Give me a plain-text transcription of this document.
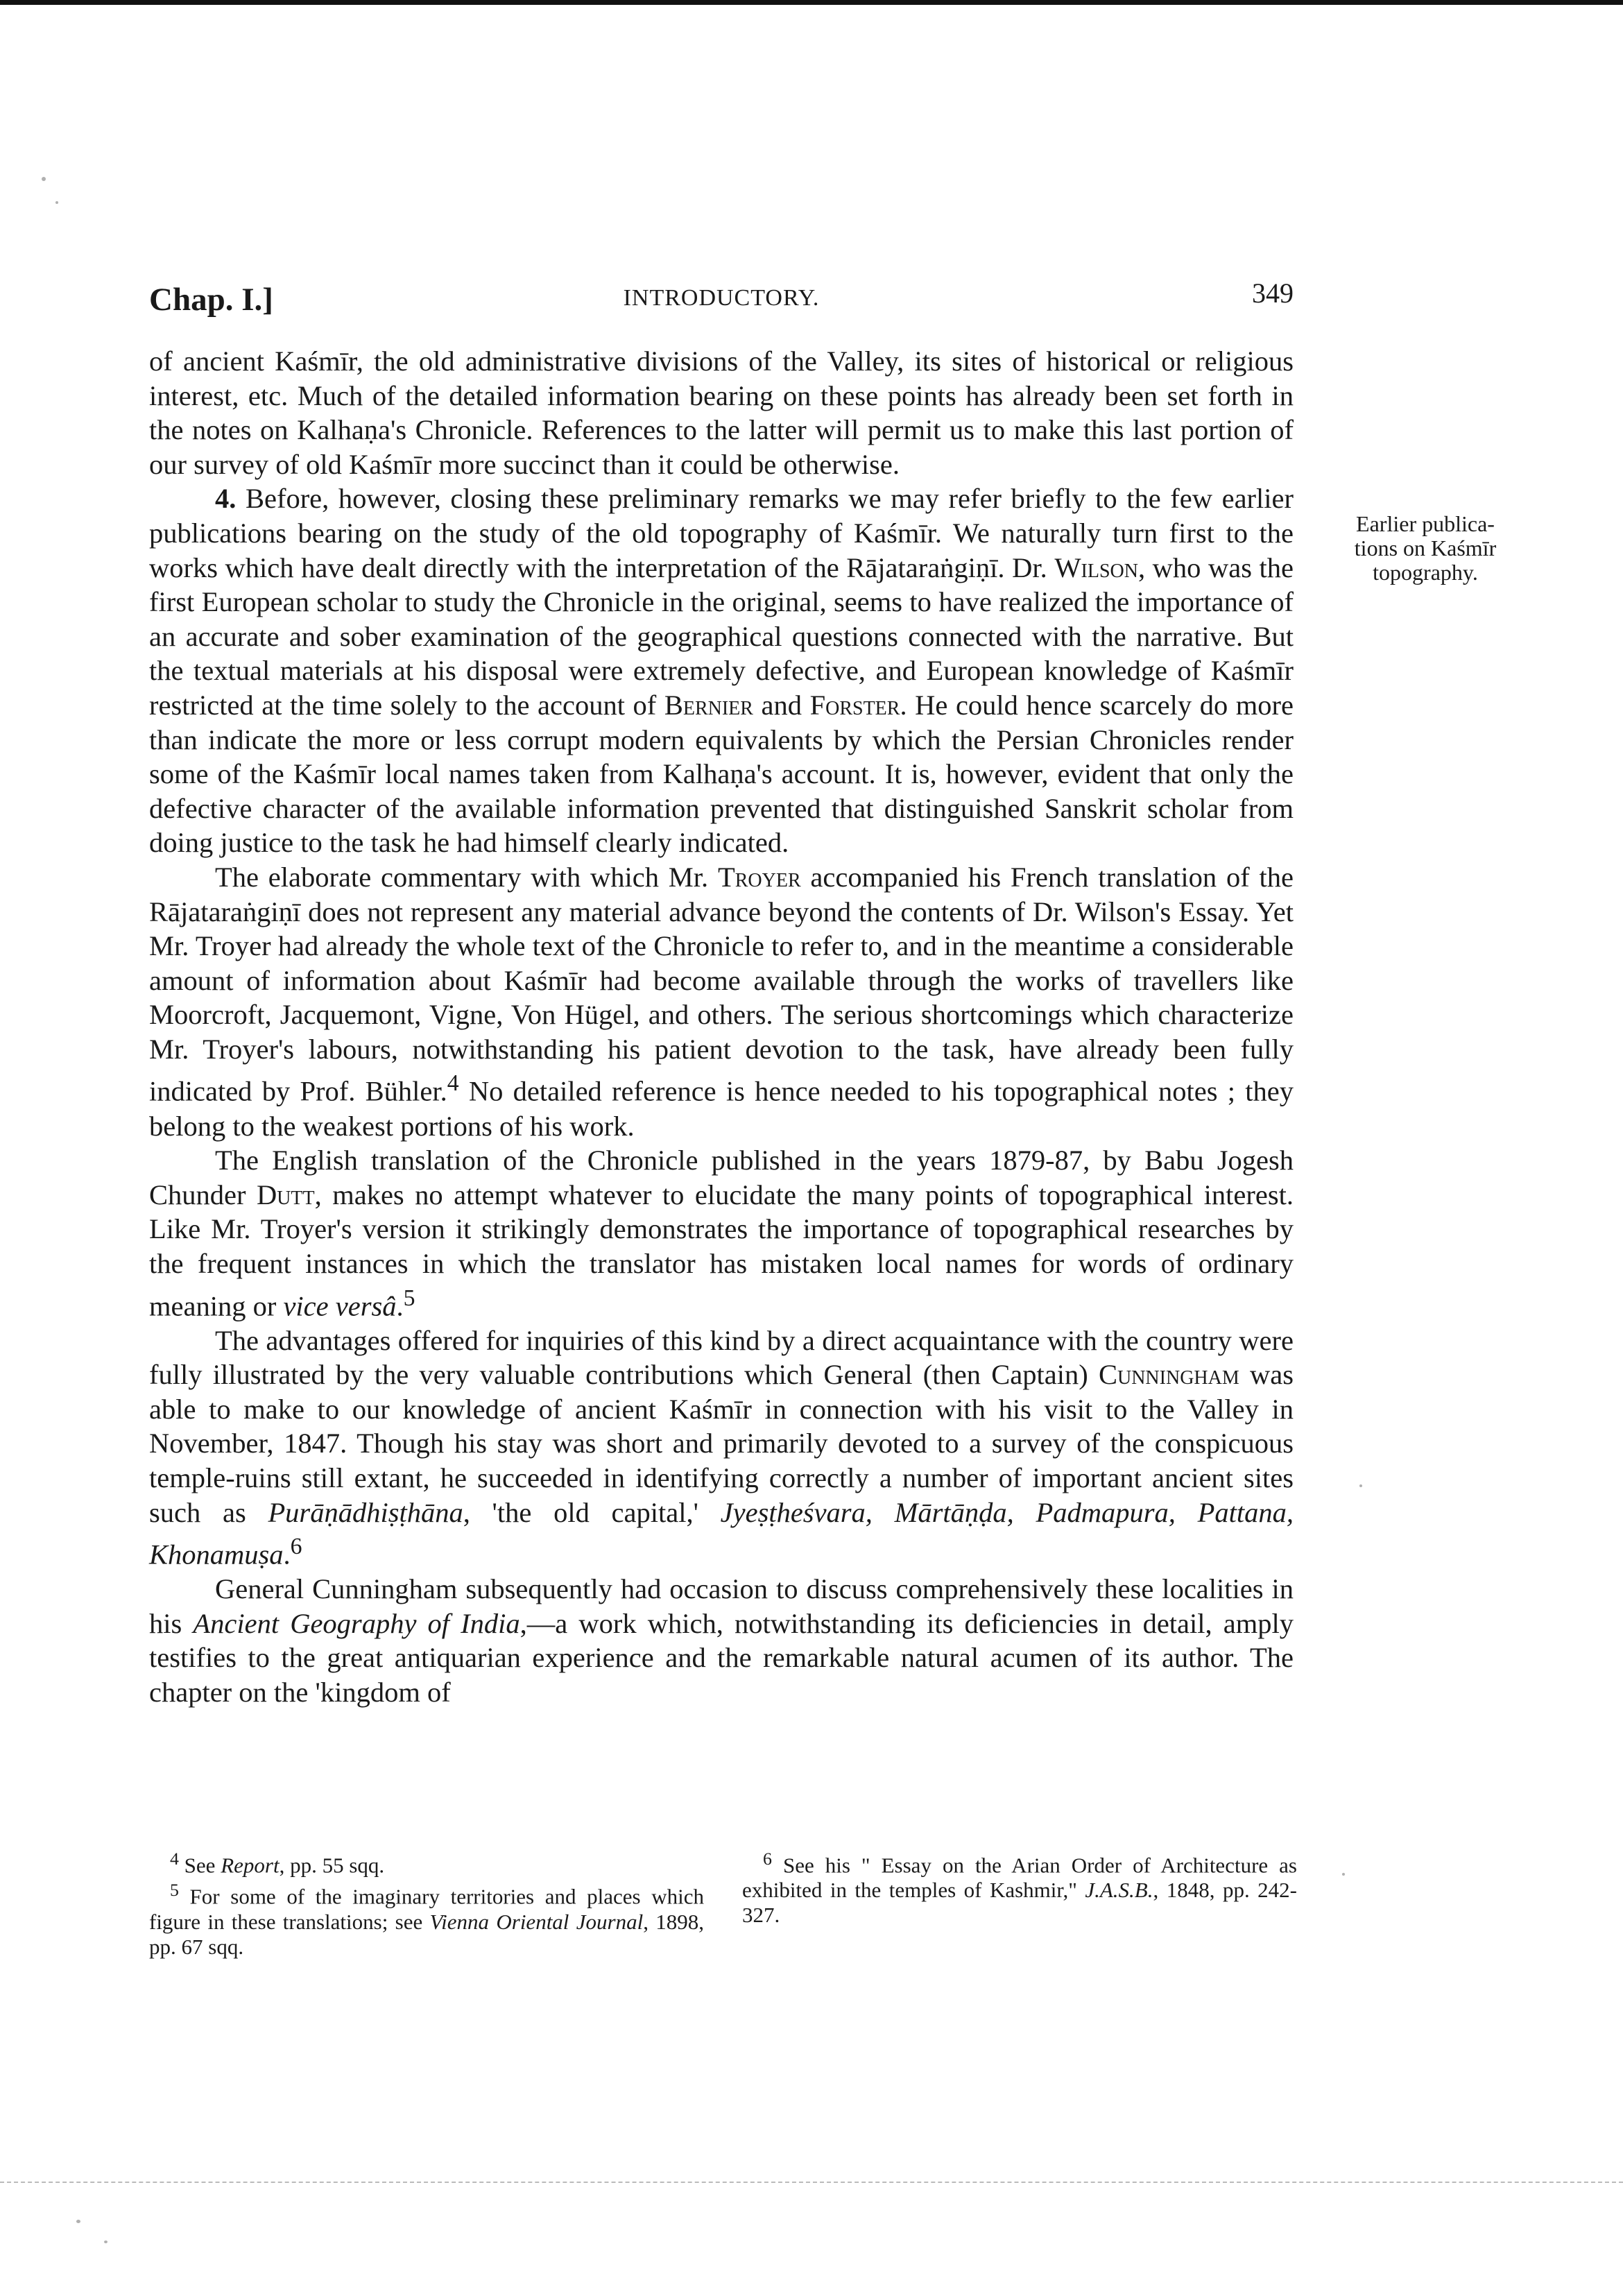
Chap. I.]	INTRODUCTORY.	349
Earlier publica-
tions on Kaśmīr
topography.

of ancient Kaśmīr, the old administrative divisions of the Valley, its sites of historical or religious interest, etc. Much of the detailed information bearing on these points has already been set forth in the notes on Kalhaṇa's Chronicle. References to the latter will permit us to make this last portion of our survey of old Kaśmīr more succinct than it could be otherwise.

4. Before, however, closing these preliminary remarks we may refer briefly to the few earlier publications bearing on the study of the old topography of Kaśmīr. We naturally turn first to the works which have dealt directly with the interpretation of the Rājataraṅgiṇī. Dr. Wilson, who was the first European scholar to study the Chronicle in the original, seems to have realized the importance of an accurate and sober examination of the geographical questions connected with the narrative. But the textual materials at his disposal were extremely defective, and European knowledge of Kaśmīr restricted at the time solely to the account of Bernier and Forster. He could hence scarcely do more than indicate the more or less corrupt modern equivalents by which the Persian Chronicles render some of the Kaśmīr local names taken from Kalhaṇa's account. It is, however, evident that only the defective character of the available information prevented that distinguished Sanskrit scholar from doing justice to the task he had himself clearly indicated.

The elaborate commentary with which Mr. Troyer accompanied his French translation of the Rājataraṅgiṇī does not represent any material advance beyond the contents of Dr. Wilson's Essay. Yet Mr. Troyer had already the whole text of the Chronicle to refer to, and in the meantime a considerable amount of information about Kaśmīr had become available through the works of travellers like Moorcroft, Jacquemont, Vigne, Von Hügel, and others. The serious shortcomings which characterize Mr. Troyer's labours, notwithstanding his patient devotion to the task, have already been fully indicated by Prof. Bühler.$^4$ No detailed reference is hence needed to his topographical notes ; they belong to the weakest portions of his work.

The English translation of the Chronicle published in the years 1879-87, by Babu Jogesh Chunder Dutt, makes no attempt whatever to elucidate the many points of topographical interest. Like Mr. Troyer's version it strikingly demonstrates the importance of topographical researches by the frequent instances in which the translator has mistaken local names for words of ordinary meaning or vice versâ.$^5$

The advantages offered for inquiries of this kind by a direct acquaintance with the country were fully illustrated by the very valuable contributions which General (then Captain) Cunningham was able to make to our knowledge of ancient Kaśmīr in connection with his visit to the Valley in November, 1847. Though his stay was short and primarily devoted to a survey of the conspicuous temple-ruins still extant, he succeeded in identifying correctly a number of important ancient sites such as Purāṇādhiṣṭhāna, 'the old capital,' Jyeṣṭheśvara, Mārtāṇḍa, Padmapura, Pattana, Khonamuṣa.$^6$

General Cunningham subsequently had occasion to discuss comprehensively these localities in his Ancient Geography of India,—a work which, notwithstanding its deficiencies in detail, amply testifies to the great antiquarian experience and the remarkable natural acumen of its author. The chapter on the 'kingdom of

$^4$ See Report, pp. 55 sqq.

$^5$ For some of the imaginary territories and places which figure in these translations; see Vienna Oriental Journal, 1898, pp. 67 sqq.

$^6$ See his " Essay on the Arian Order of Architecture as exhibited in the temples of Kashmir," J.A.S.B., 1848, pp. 242-327.
